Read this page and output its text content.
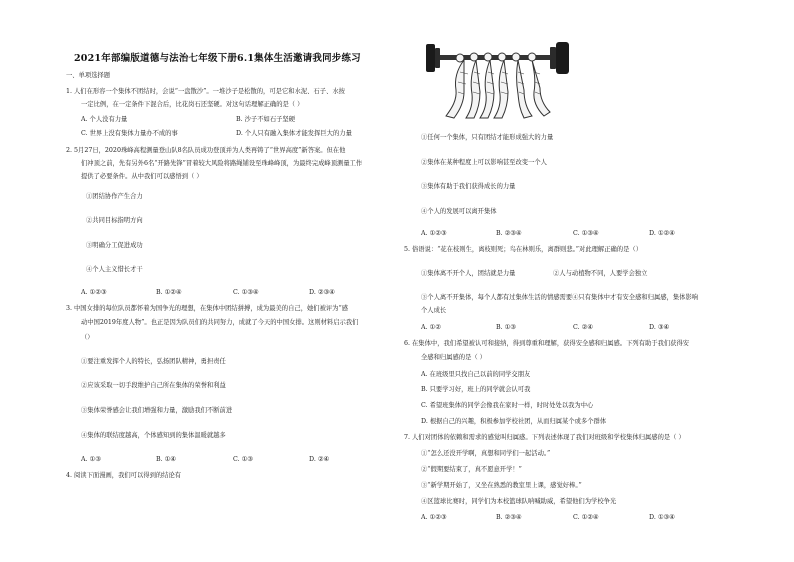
2021年部编版道德与法治七年级下册6.1集体生活邀请我同步练习
一、单项选择题
1. 人们在形容一个集体不团结时，会说“一盘散沙”。一堆沙子是松散的，可是它和水泥、石子、水按
一定比例，在一定条件下混合后，比花岗石还坚硬。对这句话理解正确的是（ ）
A. 个人没有力量	B. 沙子不如石子坚硬
C. 世界上没有集体力量办不成的事	D. 个人只有融入集体才能发挥巨大的力量
2. 5月27日，2020珠峰高程测量登山队8名队员成功登顶并为人类再铸了“世界高度”新答案。但在他
们冲顶之前，先有另外6名“开路先锋”冒着较大风险将路绳铺设至珠峰峰顶，为最终完成峰顶测量工作
提供了必要条件。从中我们可以感悟到（ ）
①团结协作产生合力
②共同目标指明方向
③明确分工促进成功
④个人主义惜长才干
A. ①②③	B. ①②④	C. ①③④	D. ②③④
3. 中国女排的每位队员都怀着为国争光的理想，在集体中团结拼搏，成为最美的自己，她们被评为“感
动中国2019年度人物”。也正是因为队员们的共同努力，成就了今天的中国女排。这则材料启示我们
（）
①要注重发挥个人的特长，弘扬团队精神，勇担责任
②应该采取一切手段维护自己所在集体的荣誉和利益
③集体荣誉感会让我们增强和力量，激励我们不断前进
④集体的联结度越高，个体感知到的集体温暖就越多
A. ①③	B. ①④	C. ①③	D. ②④
4. 阅读下面漫画，我们可以得到的结论有
①任何一个集体，只有团结才能形成强大的力量
②集体在某种程度上可以影响甚至改变一个人
③集体有助于我们获得成长的力量
④个人的发展可以离开集体
A. ①②③	B. ②③④	C. ①③④	D. ①②④
5. 俗语说：“花在枝则生，离枝则死；鸟在林则乐，离群则悲。”对此理解正确的是（）
①集体离不开个人，团结就是力量	②人与动植物不同，人要学会独立
③个人离不开集体，每个人都有过集体生活的情感需要④只有集体中才有安全感和归属感，集体影响
个人成长
A. ①②	B. ①③	C. ②④	D. ③④
6. 在集体中，我们希望被认可和接纳，得到尊重和理解，获得安全感和归属感。下列有助于我们获得安
全感和归属感的是（ ）
A. 在班级里只找自己以前的同学交朋友
B. 只要学习好，班上的同学就会认可我
C. 希望班集体的同学会像我在家时一样，时时处处以我为中心
D. 根据自己的兴趣，积极参加学校社团，从而归属某个或多个群体
7. 人们对团体的依赖和需求的感觉叫归属感。下列表述体现了我们对班级和学校集体归属感的是（ ）
①“怎么还没开学啊，真想和同学们一起活动。”
②“假期要结束了，真不愿意开学！”
③“新学期开始了，又坐在熟悉的教室里上课，感觉好棒。”
④区篮球比赛时，同学们为本校篮球队呐喊助威，希望他们为学校争光
A. ①②③	B. ②③④	C. ①②④	D. ①③④
